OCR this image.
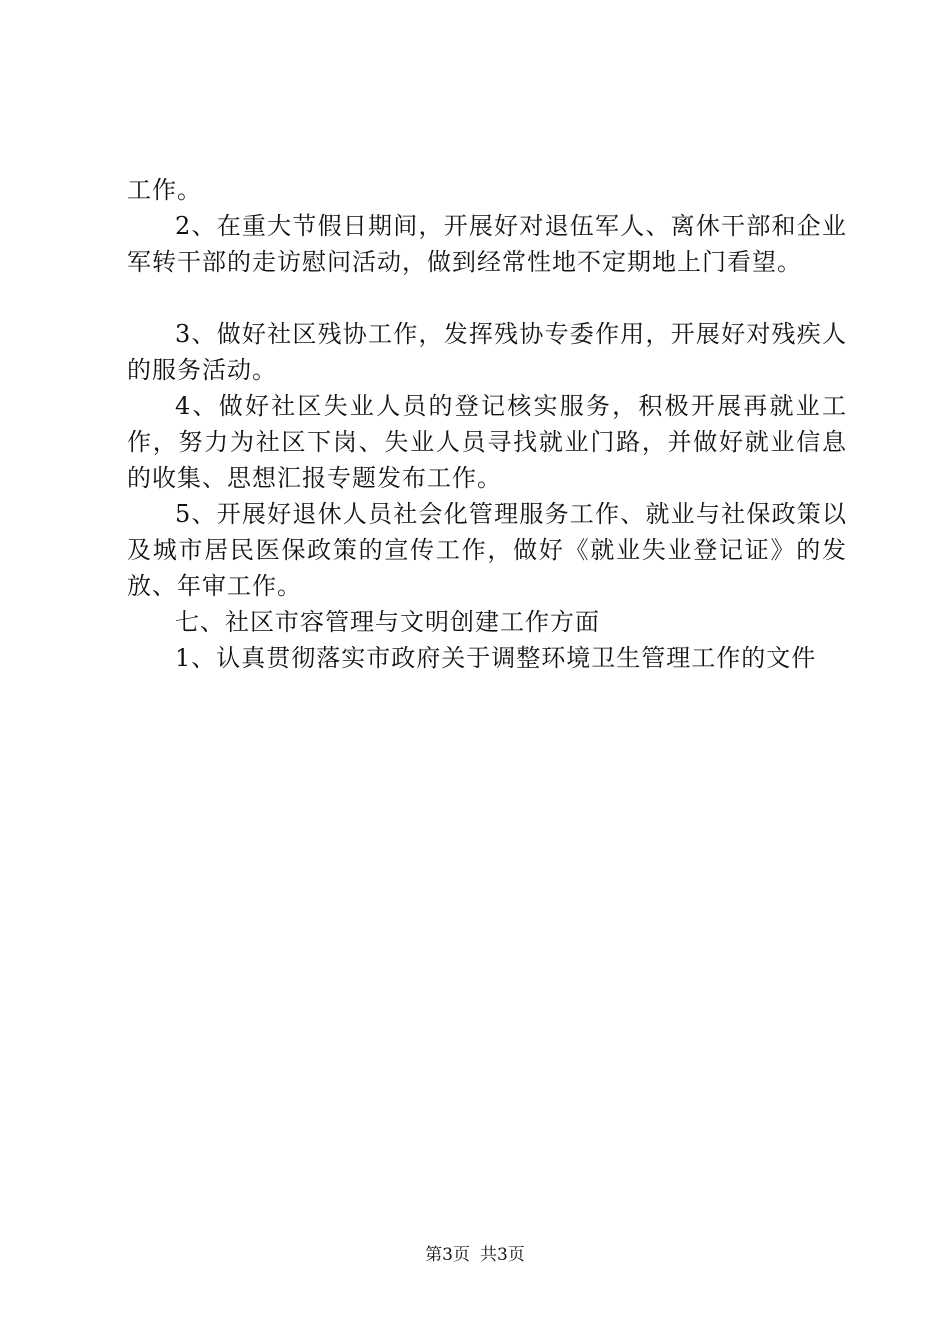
工作。

2、在重大节假日期间，开展好对退伍军人、离休干部和企业军转干部的走访慰问活动，做到经常性地不定期地上门看望。

3、做好社区残协工作，发挥残协专委作用，开展好对残疾人的服务活动。

4、做好社区失业人员的登记核实服务，积极开展再就业工作，努力为社区下岗、失业人员寻找就业门路，并做好就业信息的收集、思想汇报专题发布工作。

5、开展好退休人员社会化管理服务工作、就业与社保政策以及城市居民医保政策的宣传工作，做好《就业失业登记证》的发放、年审工作。

七、社区市容管理与文明创建工作方面

1、认真贯彻落实市政府关于调整环境卫生管理工作的文件

第3页 共3页
